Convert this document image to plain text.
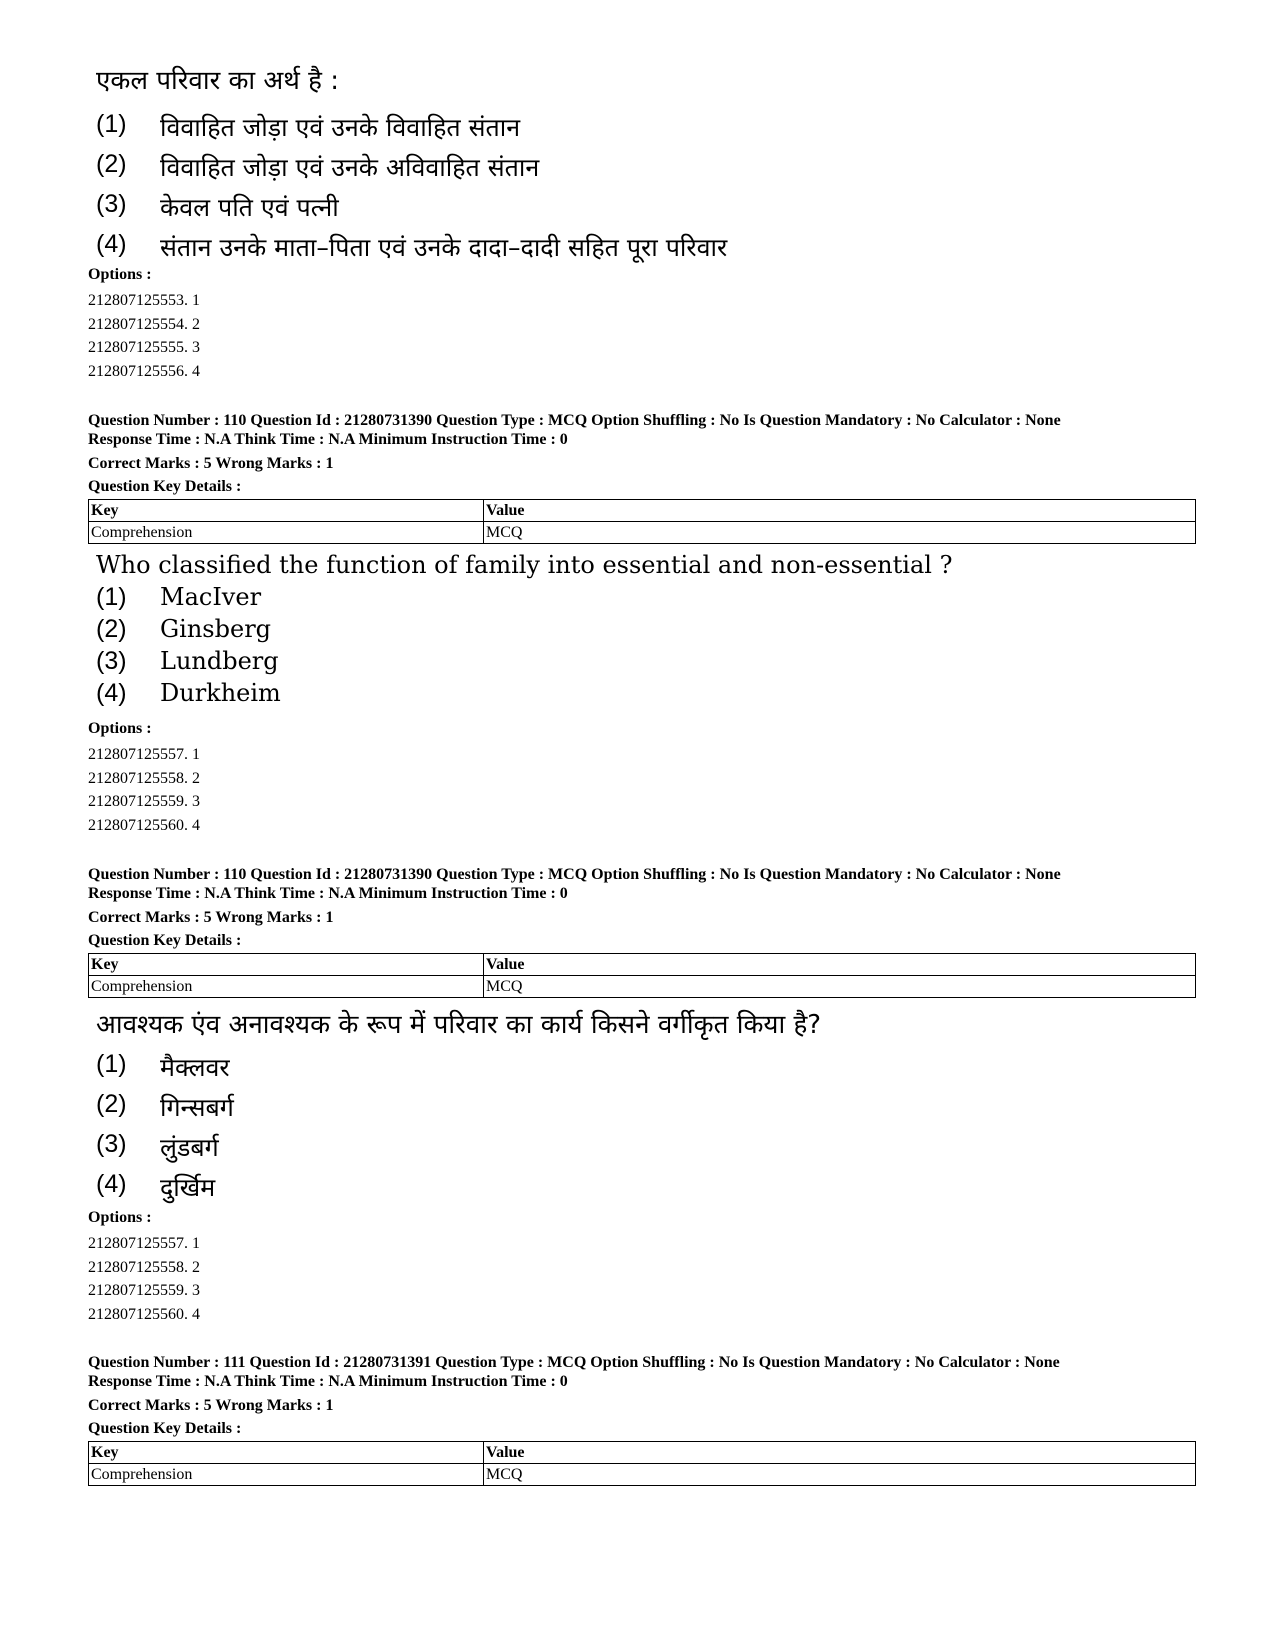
एकल परिवार का अर्थ है :
(1) विवाहित जोड़ा एवं उनके विवाहित संतान
(2) विवाहित जोड़ा एवं उनके अविवाहित संतान
(3) केवल पति एवं पत्नी
(4) संतान उनके माता–पिता एवं उनके दादा–दादी सहित पूरा परिवार
Options :
212807125553. 1
212807125554. 2
212807125555. 3
212807125556. 4
Question Number : 110 Question Id : 21280731390 Question Type : MCQ Option Shuffling : No Is Question Mandatory : No Calculator : None
Response Time : N.A Think Time : N.A Minimum Instruction Time : 0
Correct Marks : 5 Wrong Marks : 1
Question Key Details :
Key	Value
Comprehension	MCQ
Who classified the function of family into essential and non-essential ?
(1) MacIver
(2) Ginsberg
(3) Lundberg
(4) Durkheim
Options :
212807125557. 1
212807125558. 2
212807125559. 3
212807125560. 4
Question Number : 110 Question Id : 21280731390 Question Type : MCQ Option Shuffling : No Is Question Mandatory : No Calculator : None
Response Time : N.A Think Time : N.A Minimum Instruction Time : 0
Correct Marks : 5 Wrong Marks : 1
Question Key Details :
Key	Value
Comprehension	MCQ
आवश्यक एंव अनावश्यक के रूप में परिवार का कार्य किसने वर्गीकृत किया है?
(1) मैक्लवर
(2) गिन्सबर्ग
(3) लुंडबर्ग
(4) दुर्खिम
Options :
212807125557. 1
212807125558. 2
212807125559. 3
212807125560. 4
Question Number : 111 Question Id : 21280731391 Question Type : MCQ Option Shuffling : No Is Question Mandatory : No Calculator : None
Response Time : N.A Think Time : N.A Minimum Instruction Time : 0
Correct Marks : 5 Wrong Marks : 1
Question Key Details :
Key	Value
Comprehension	MCQ
